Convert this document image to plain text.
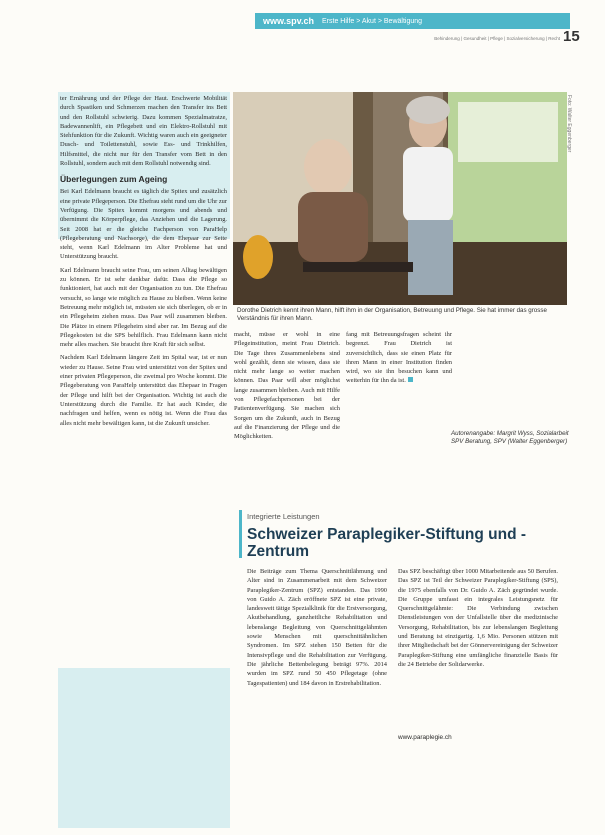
www.spv.ch Erste Hilfe > Akut > Bewältigung
15
Behinderung | Gesundheit | Pflege | Sozialversicherung | Recht

ter Ernährung und der Pflege der Haut. Erschwerte Mobilität durch Spastiken und Schmerzen machen den Transfer ins Bett und den Rollstuhl schwierig. Dazu kommen Spezialmatratze, Badewannenlift, ein Pflegebett und ein Elektro-Rollstuhl mit Stehfunktion für die Zukunft. Wichtig waren auch ein geeigneter Dusch- und Toilettenstuhl, sowie Ess- und Trinkhilfen, Hilfsmittel, die nicht nur für den Transfer vom Bett in den Rollstuhl, sondern auch mit dem Rollstuhl notwendig sind.

Überlegungen zum Ageing

Bei Karl Edelmann braucht es täglich die Spitex und zusätzlich eine private Pflegeperson. Die Ehefrau steht rund um die Uhr zur Verfügung. Die Spitex kommt morgens und abends und übernimmt die Körperpflege, das Anziehen und die Lagerung. Seit 2008 hat er die gleiche Fachperson von ParaHelp (Pflegeberatung und Nachsorge), die dem Ehepaar zur Seite steht, wenn Karl Edelmann im Alter Probleme hat und Unterstützung braucht.

Karl Edelmann braucht seine Frau, um seinen Alltag bewältigen zu können. Er ist sehr dankbar dafür. Dass die Pflege so funktioniert, hat auch mit der Organisation zu tun. Die Ehefrau versucht, so lange wie möglich zu Hause zu bleiben. Wenn keine Betreuung mehr möglich ist, müssten sie sich überlegen, ob er in ein Pflegeheim ziehen muss. Das Paar will zusammen bleiben. Die Plätze in einem Pflegeheim sind aber rar. Im Bezug auf die Pflegekosten ist die SPS behilflich. Frau Edelmann kann nicht mehr alles machen. Sie braucht ihre Kraft für sich selbst.

Nachdem Karl Edelmann längere Zeit im Spital war, ist er nun wieder zu Hause. Seine Frau wird unterstützt von der Spitex und einer privaten Pflegeperson, die zweimal pro Woche kommt. Die Pflegeberatung von ParaHelp unterstützt das Ehepaar in Fragen der Pflege und hilft bei der Organisation. Wichtig ist auch die Unterstützung durch die Familie. Er hat auch Kinder, die nachfragen und helfen, wenn es nötig ist. Wenn die Frau das alles nicht mehr bewältigen kann, ist die Zukunft unsicher.

Foto: Walter Eggenberger
Dorothe Dietrich kennt ihren Mann, hilft ihm in der Organisation, Betreuung und Pflege. Sie hat immer das grosse Verständnis für ihren Mann.

macht, müsse er wohl in eine Pflegeinstitution, meint Frau Dietrich. Die Tage ihres Zusammenlebens sind wohl gezählt, denn sie wissen, dass sie nicht mehr lange so weiter machen können. Das Paar will aber möglichst lange zusammen bleiben. Auch mit Hilfe von Pflegefachpersonen bei der Patientenverfügung. Sie machen sich Sorgen um die Zukunft, auch in Bezug auf die Finanzierung der Pflege und die Möglichkeiten.

fang mit Betreuungsfragen scheint ihr begrenzt. Frau Dietrich ist zuversichtlich, dass sie einen Platz für ihren Mann in einer Institution finden wird, wo sie ihn besuchen kann und weiterhin für ihn da ist.

Autorenangabe: Margrit Wyss, Sozialarbeit SPV Beratung, SPV (Walter Eggenberger)
Integrierte Leistungen
Schweizer Paraplegiker-Stiftung und -Zentrum

Die Beiträge zum Thema Querschnittlähmung und Alter sind in Zusammenarbeit mit dem Schweizer Paraplegiker-Zentrum (SPZ) entstanden. Das 1990 von Guido A. Zäch eröffnete SPZ ist eine private, landesweit tätige Spezialklinik für die Erstversorgung, Akutbehandlung, ganzheitliche Rehabilitation und lebenslange Begleitung von Querschnittgelähmten sowie Menschen mit querschnittähnlichen Syndromen. Im SPZ stehen 150 Betten für die Intensivpflege und die Rehabilitation zur Verfügung. Die jährliche Bettenbelegung beträgt 97%. 2014 wurden im SPZ rund 50 450 Pflegetage (ohne Tagespatienten) und 184 davon in Erstrehabilitation.

Das SPZ beschäftigt über 1000 Mitarbeitende aus 50 Berufen. Das SPZ ist Teil der Schweizer Paraplegiker-Stiftung (SPS), die 1975 ebenfalls von Dr. Guido A. Zäch gegründet wurde. Die Gruppe umfasst ein integrales Leistungsnetz für Querschnittgelähmte: Die Verbindung zwischen Dienstleistungen von der Unfallstelle über die medizinische Versorgung, Rehabilitation, bis zur lebenslangen Begleitung und Beratung ist einzigartig. 1,6 Mio. Personen stützen mit ihrer Mitgliedschaft bei der Gönnervereinigung der Schweizer Paraplegiker-Stiftung eine umfängliche finanzielle Basis für die 24 Betriebe der Solidarwerke.

www.paraplegie.ch
